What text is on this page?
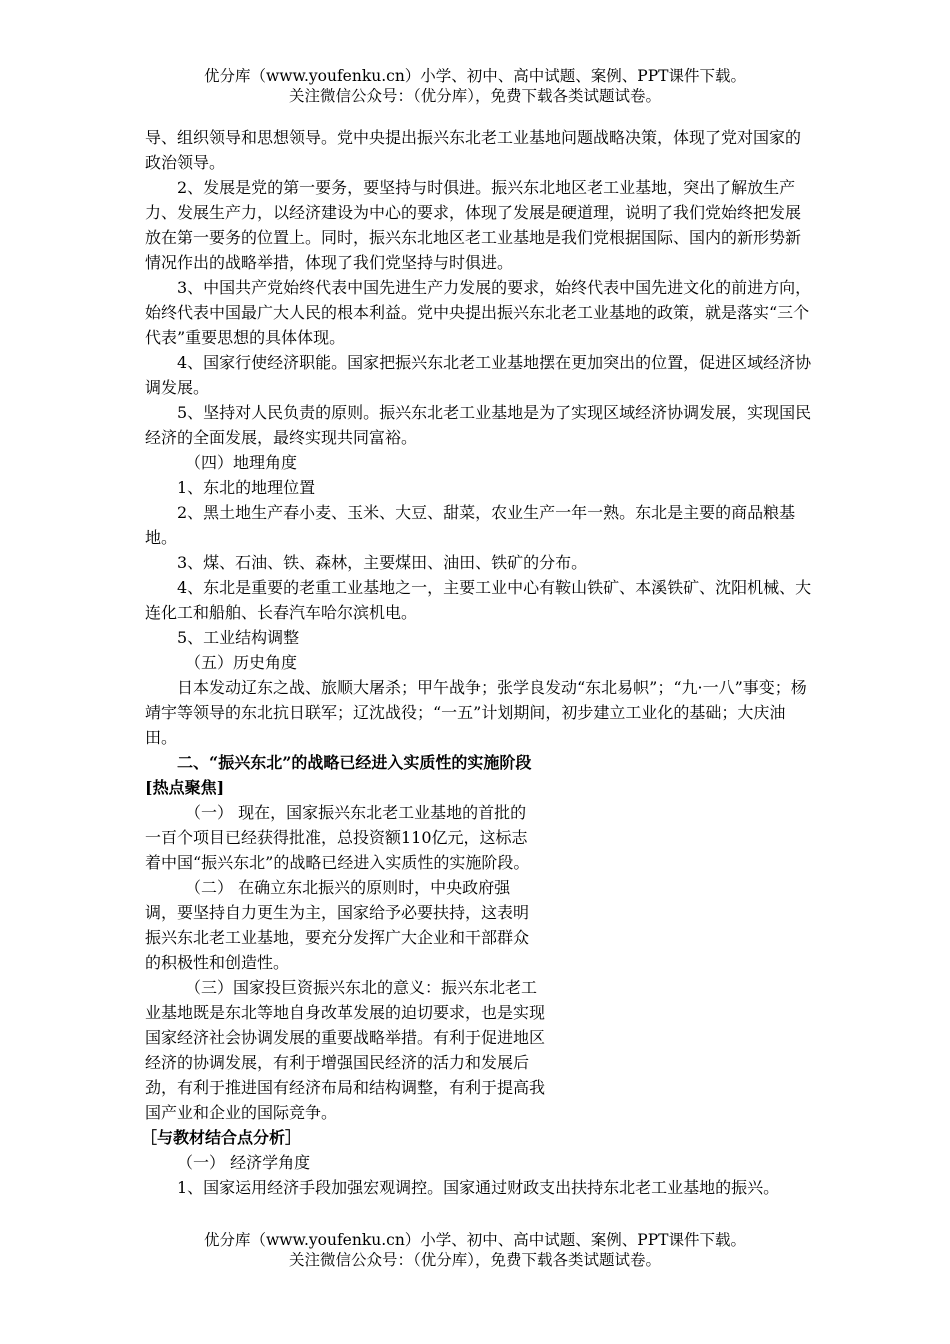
优分库（www.youfenku.cn）小学、初中、高中试题、案例、PPT课件下载。
关注微信公众号：（优分库），免费下载各类试题试卷。

导、组织领导和思想领导。党中央提出振兴东北老工业基地问题战略决策，体现了党对国家的政治领导。

2、发展是党的第一要务，要坚持与时俱进。振兴东北地区老工业基地，突出了解放生产力、发展生产力，以经济建设为中心的要求，体现了发展是硬道理，说明了我们党始终把发展放在第一要务的位置上。同时，振兴东北地区老工业基地是我们党根据国际、国内的新形势新情况作出的战略举措，体现了我们党坚持与时俱进。

3、中国共产党始终代表中国先进生产力发展的要求，始终代表中国先进文化的前进方向，始终代表中国最广大人民的根本利益。党中央提出振兴东北老工业基地的政策，就是落实“三个代表”重要思想的具体体现。

4、国家行使经济职能。国家把振兴东北老工业基地摆在更加突出的位置，促进区域经济协调发展。

5、坚持对人民负责的原则。振兴东北老工业基地是为了实现区域经济协调发展，实现国民经济的全面发展，最终实现共同富裕。

（四）地理角度

1、东北的地理位置

2、黑土地生产春小麦、玉米、大豆、甜菜，农业生产一年一熟。东北是主要的商品粮基地。

3、煤、石油、铁、森林，主要煤田、油田、铁矿的分布。

4、东北是重要的老重工业基地之一，主要工业中心有鞍山铁矿、本溪铁矿、沈阳机械、大连化工和船舶、长春汽车哈尔滨机电。

5、工业结构调整

（五）历史角度

日本发动辽东之战、旅顺大屠杀；甲午战争；张学良发动“东北易帜”；“九·一八”事变；杨靖宇等领导的东北抗日联军；辽沈战役；“一五”计划期间，初步建立工业化的基础；大庆油田。

二、“振兴东北”的战略已经进入实质性的实施阶段

[热点聚焦]

（一） 现在，国家振兴东北老工业基地的首批的一百个项目已经获得批准，总投资额110亿元，这标志着中国“振兴东北”的战略已经进入实质性的实施阶段。

（二） 在确立东北振兴的原则时，中央政府强调，要坚持自力更生为主，国家给予必要扶持，这表明振兴东北老工业基地，要充分发挥广大企业和干部群众的积极性和创造性。

（三）国家投巨资振兴东北的意义：振兴东北老工业基地既是东北等地自身改革发展的迫切要求，也是实现国家经济社会协调发展的重要战略举措。有利于促进地区经济的协调发展，有利于增强国民经济的活力和发展后劲，有利于推进国有经济布局和结构调整，有利于提高我国产业和企业的国际竞争。

［与教材结合点分析］

（一） 经济学角度

1、国家运用经济手段加强宏观调控。国家通过财政支出扶持东北老工业基地的振兴。

优分库（www.youfenku.cn）小学、初中、高中试题、案例、PPT课件下载。
关注微信公众号：（优分库），免费下载各类试题试卷。
